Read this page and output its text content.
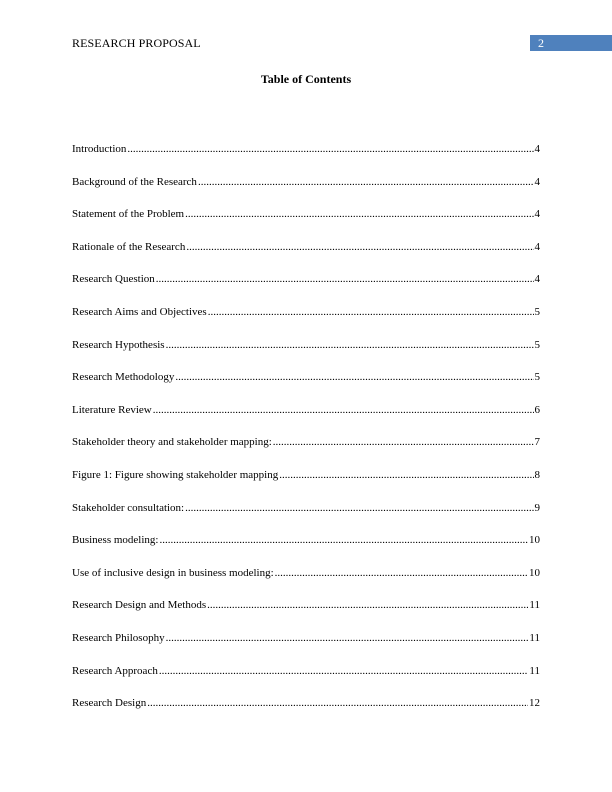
RESEARCH PROPOSAL	2
Table of Contents
Introduction .....	4
Background of the Research .....	4
Statement of the Problem .....	4
Rationale of the Research .....	4
Research Question .....	4
Research Aims and Objectives .....	5
Research Hypothesis .....	5
Research Methodology .....	5
Literature Review .....	6
Stakeholder theory and stakeholder mapping: .....	7
Figure 1: Figure showing stakeholder mapping .....	8
Stakeholder consultation: .....	9
Business modeling: .....	10
Use of inclusive design in business modeling: .....	10
Research Design and Methods .....	11
Research Philosophy .....	11
Research Approach .....	11
Research Design .....	12
